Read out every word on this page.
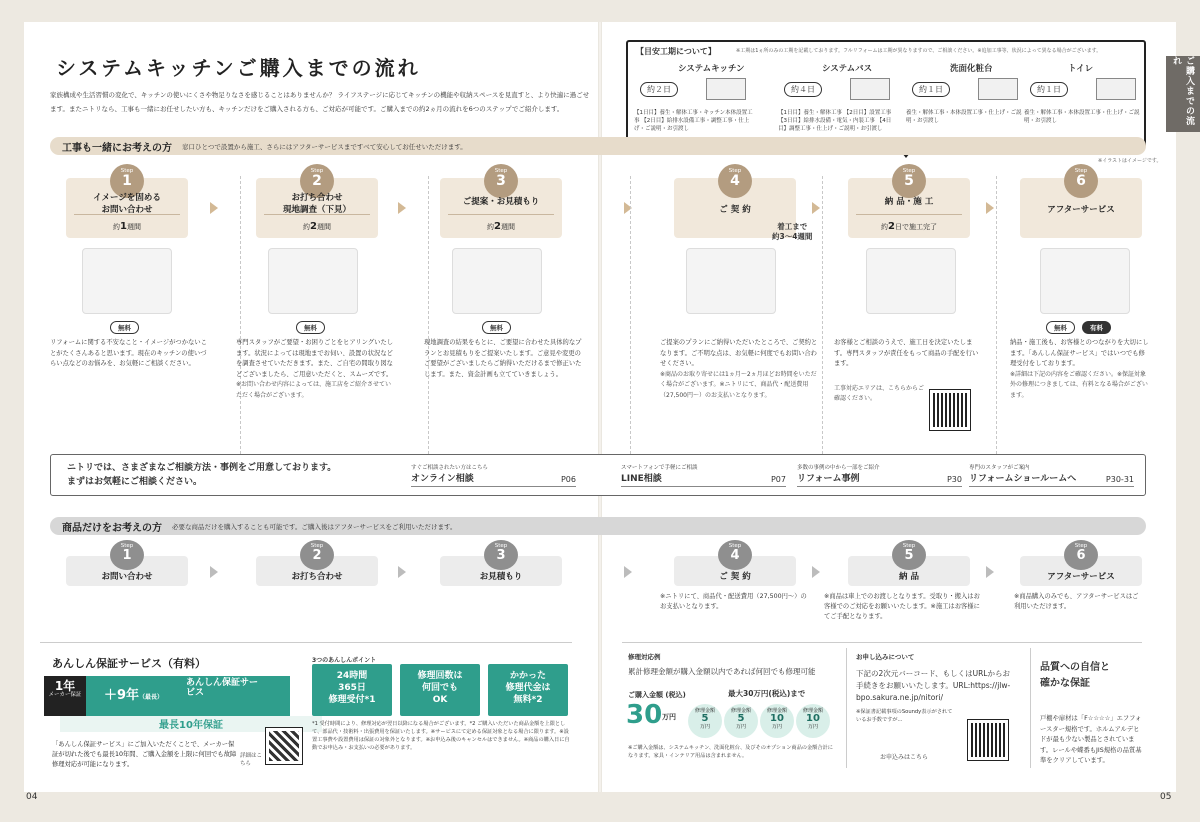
ご購入までの流れ
システムキッチンご購入までの流れ

家族構成や生活習慣の変化で、キッチンの使いにくさや物足りなさを感じることはありませんか？ ライフステージに応じてキッチンの機能や収納スペースを見直すと、より快適に過ごせます。またニトリなら、工事も一緒にお任せしたい方も、キッチンだけをご購入される方も、ご対応が可能です。ご購入までの約2ヵ月の流れを6つのステップでご紹介します。

【目安工期について】	※工期は1ヵ所のみの工期を記載しております。フルリフォームは工期が異なりますので、ご相談ください。※追加工事等、状況によって異なる場合がございます。
システムキッチン
約２日
【1日目】養生・解体工事・キッチン本体設置工事 【2日目】給排水設備工事・調整工事・仕上げ・ご説明・お引渡し
システムバス
約４日
【1日目】養生・解体工事 【2日目】設置工事 【3日目】給排水設備・電気・内装工事 【4日目】調整工事・仕上げ・ご説明・お引渡し
洗面化粧台
約１日
養生・解体工事・本体設置工事・仕上げ・ご説明・お引渡し
トイレ
約１日
養生・解体工事・本体設置工事・仕上げ・ご説明・お引渡し
工事も一緒にお考えの方 窓口ひとつで設置から施工、さらにはアフターサービスまですべて安心してお任せいただけます。
※イラストはイメージです。
Step
1
イメージを固める
お問い合わせ
約1週間
Step
2
お打ち合わせ
現地調査（下見）
約2週間
Step
3
ご提案・お見積もり
約2週間
Step
4
ご 契 約
Step
5
納 品・施 工
約2日で施工完了
Step
6
アフターサービス
着工まで
約3〜4週間
無料	無料	無料	無料	有料
リフォームに関する不安なこと・イメージがつかないことがたくさんあると思います。現在のキッチンの使いづらい点などのお悩みを、お気軽にご相談ください。
専門スタッフがご要望・お困りごとをヒアリングいたします。状況によっては現地までお伺い、設置の状況などを調査させていただきます。また、ご自宅の間取り図などございましたら、ご用意いただくと、スムーズです。
※お問い合わせ内容によっては、施工店をご紹介させていただく場合がございます。
現地調査の結果をもとに、ご要望に合わせた具体的なプランとお見積もりをご提案いたします。ご意見や変更のご要望がございましたらご納得いただけるまで修正いたします。また、資金計画も立てていきましょう。
ご提案のプランにご納得いただいたところで、ご契約となります。ご不明な点は、お気軽に何度でもお問い合わせください。
※商品のお取り寄せには1ヵ月〜2ヵ月ほどお時間をいただく場合がございます。※ニトリにて、商品代・配送費用（27,500円〜）のお支払いとなります。
お客様とご相談のうえで、施工日を決定いたします。専門スタッフが責任をもって商品の手配を行います。
工事対応エリアは、こちらからご確認ください。
納品・施工後も、お客様とのつながりを大切にします。「あんしん保証サービス」ではいつでも修理受付をしております。
※詳細は下記の内容をご確認ください。※保証対象外の修理につきましては、有料となる場合がございます。
ニトリでは、さまざまなご相談方法・事例をご用意しております。
まずはお気軽にご相談ください。
すぐご相談されたい方はこちら
オンライン相談	P06
スマートフォンで手軽にご相談
LINE相談	P07
多数の事例の中から一部をご紹介
リフォーム事例	P30
専門のスタッフがご案内
リフォームショールームへ	P30-31
商品だけをお考えの方 必要な商品だけを購入することも可能です。ご購入後はアフターサービスをご利用いただけます。
Step
1
お問い合わせ
Step
2
お打ち合わせ
Step
3
お見積もり
Step
4
ご 契 約
Step
5
納 品
Step
6
アフターサービス
※ニトリにて、商品代・配送費用（27,500円〜）のお支払いとなります。
※商品は車上でのお渡しとなります。受取り・搬入はお客様でのご対応をお願いいたします。※施工はお客様にてご手配となります。
※商品購入のみでも、アフターサービスはご利用いただけます。
あんしん保証サービス（有料）
1年
メーカー保証	＋9年（最長）
あんしん保証サービス
最長10年保証
「あんしん保証サービス」にご加入いただくことで、メーカー保証が切れた後でも最長10年間、ご購入金額を上限に何回でも故障修理対応が可能になります。
詳細はこちら
3つのあんしんポイント
24時間
365日
修理受付*1
修理回数は
何回でも
OK
かかった
修理代金は
無料*2
*1 受付時間により、修理対応が翌日以降になる場合がございます。*2 ご購入いただいた商品金額を上限として、部品代・技術料・出張費用を保証いたします。※サービスにて定める保証対象となる場合に限ります。※設置工事費や設置費用は保証の対象外となります。※お申込み後のキャンセルはできません。※商品の購入日に自動でお申込み・お支払いの必要があります。
修理対応例
累計修理金額が購入金額以内であれば何回でも修理可能
ご購入金額 (税込)
30 万円
最大30万円(税込)まで
修理金額
5
万円
修理金額
5
万円
修理金額
10
万円
修理金額
10
万円
※ご購入金額は、システムキッチン、洗面化粧台、及びそのオプション商品の金額合計になります。家具・インテリア用品は含まれません。
お申し込みについて
下記の2次元バーコード、もしくはURLからお手続きをお願いいたします。URL:https://jlw-bpo.sakura.ne.jp/nitori/
※保証書記載事項のSoundy表示がされているお手数ですが...
お申込みはこちら
品質への自信と
確かな保証
戸棚や扉材は「F☆☆☆☆」エフフォースター規格です。ホルムアルデヒドが最も少ない製品とされています。レールや蝶番もJIS規格の品質基準をクリアしています。
04	05
